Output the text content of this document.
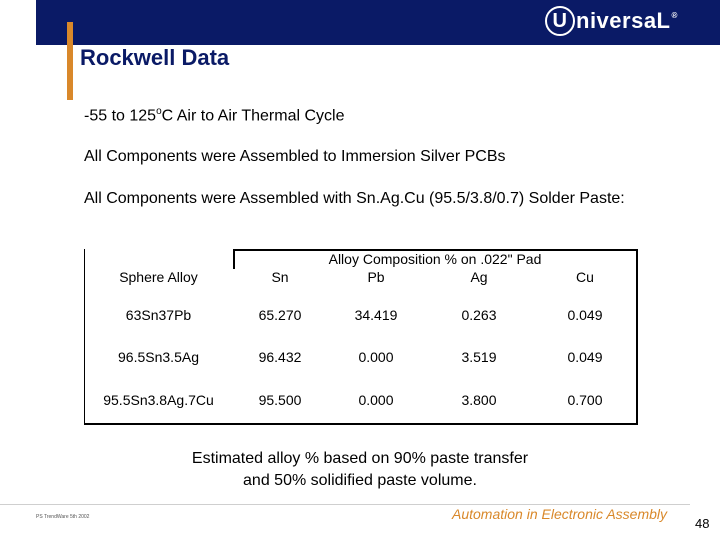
U niversaL ®
Rockwell Data
-55 to 125$^o$C Air to Air Thermal Cycle
All Components were Assembled to Immersion Silver PCBs
All Components were Assembled with Sn.Ag.Cu (95.5/3.8/0.7) Solder Paste:
	Alloy Composition % on .022" Pad			
Sphere Alloy	Sn	Pb	Ag	Cu
63Sn37Pb	65.270	34.419	0.263	0.049
96.5Sn3.5Ag	96.432	0.000	3.519	0.049
95.5Sn3.8Ag.7Cu	95.500	0.000	3.800	0.700
Estimated alloy % based on 90% paste transfer and 50% solidified paste volume.
PS TrendWare 5th 2002	Automation in Electronic Assembly
48
